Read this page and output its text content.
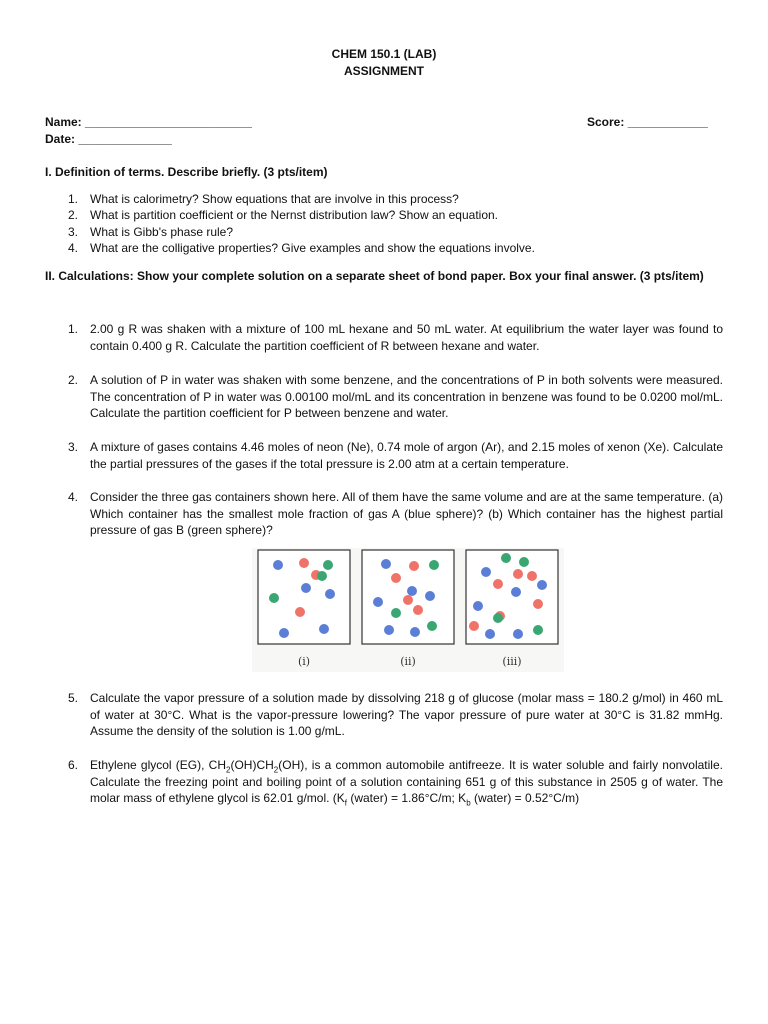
CHEM 150.1 (LAB)
ASSIGNMENT
Name: _________________________
Date: ______________
Score: ____________
I. Definition of terms. Describe briefly. (3 pts/item)
1. What is calorimetry? Show equations that are involve in this process?
2. What is partition coefficient or the Nernst distribution law? Show an equation.
3. What is Gibb's phase rule?
4. What are the colligative properties? Give examples and show the equations involve.
II. Calculations: Show your complete solution on a separate sheet of bond paper. Box your final answer. (3 pts/item)
1. 2.00 g R was shaken with a mixture of 100 mL hexane and 50 mL water. At equilibrium the water layer was found to contain 0.400 g R. Calculate the partition coefficient of R between hexane and water.
2. A solution of P in water was shaken with some benzene, and the concentrations of P in both solvents were measured. The concentration of P in water was 0.00100 mol/mL and its concentration in benzene was found to be 0.0200 mol/mL. Calculate the partition coefficient for P between benzene and water.
3. A mixture of gases contains 4.46 moles of neon (Ne), 0.74 mole of argon (Ar), and 2.15 moles of xenon (Xe). Calculate the partial pressures of the gases if the total pressure is 2.00 atm at a certain temperature.
4. Consider the three gas containers shown here. All of them have the same volume and are at the same temperature. (a) Which container has the smallest mole fraction of gas A (blue sphere)? (b) Which container has the highest partial pressure of gas B (green sphere)?
(i)	(ii)	(iii)
5. Calculate the vapor pressure of a solution made by dissolving 218 g of glucose (molar mass = 180.2 g/mol) in 460 mL of water at 30°C. What is the vapor-pressure lowering? The vapor pressure of pure water at 30°C is 31.82 mmHg. Assume the density of the solution is 1.00 g/mL.
6. Ethylene glycol (EG), $CH_2(OH)CH_2(OH)$, is a common automobile antifreeze. It is water soluble and fairly nonvolatile. Calculate the freezing point and boiling point of a solution containing 651 g of this substance in 2505 g of water. The molar mass of ethylene glycol is 62.01 g/mol. ($K_f$ (water) = 1.86°C/m; $K_b$ (water) = 0.52°C/m)
